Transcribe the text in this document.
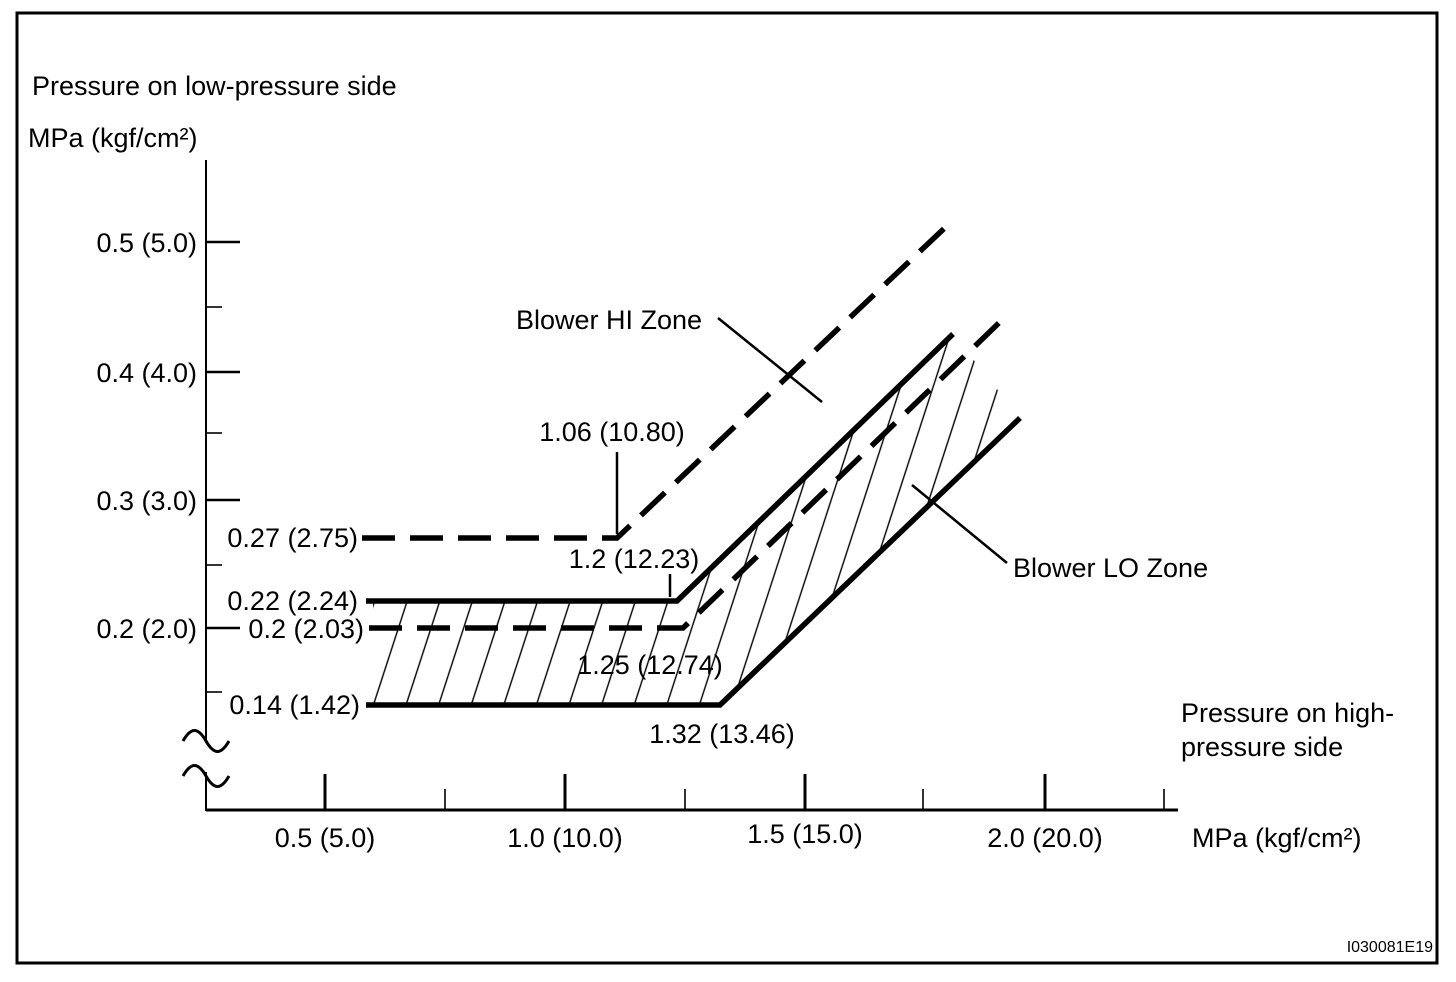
Pressure on low-pressure side
MPa (kgf/cm²)
0.5 (5.0)
0.4 (4.0)
0.3 (3.0)
0.2 (2.0)
0.27 (2.75)
0.22 (2.24)
0.2 (2.03)
0.14 (1.42)
1.06 (10.80)
1.2 (12.23)
1.25 (12.74)
1.32 (13.46)
Blower HI Zone
Blower LO Zone
0.5 (5.0)	1.0 (10.0)	1.5 (15.0)	2.0 (20.0)	MPa (kgf/cm²)
Pressure on high-
pressure side
I030081E19
